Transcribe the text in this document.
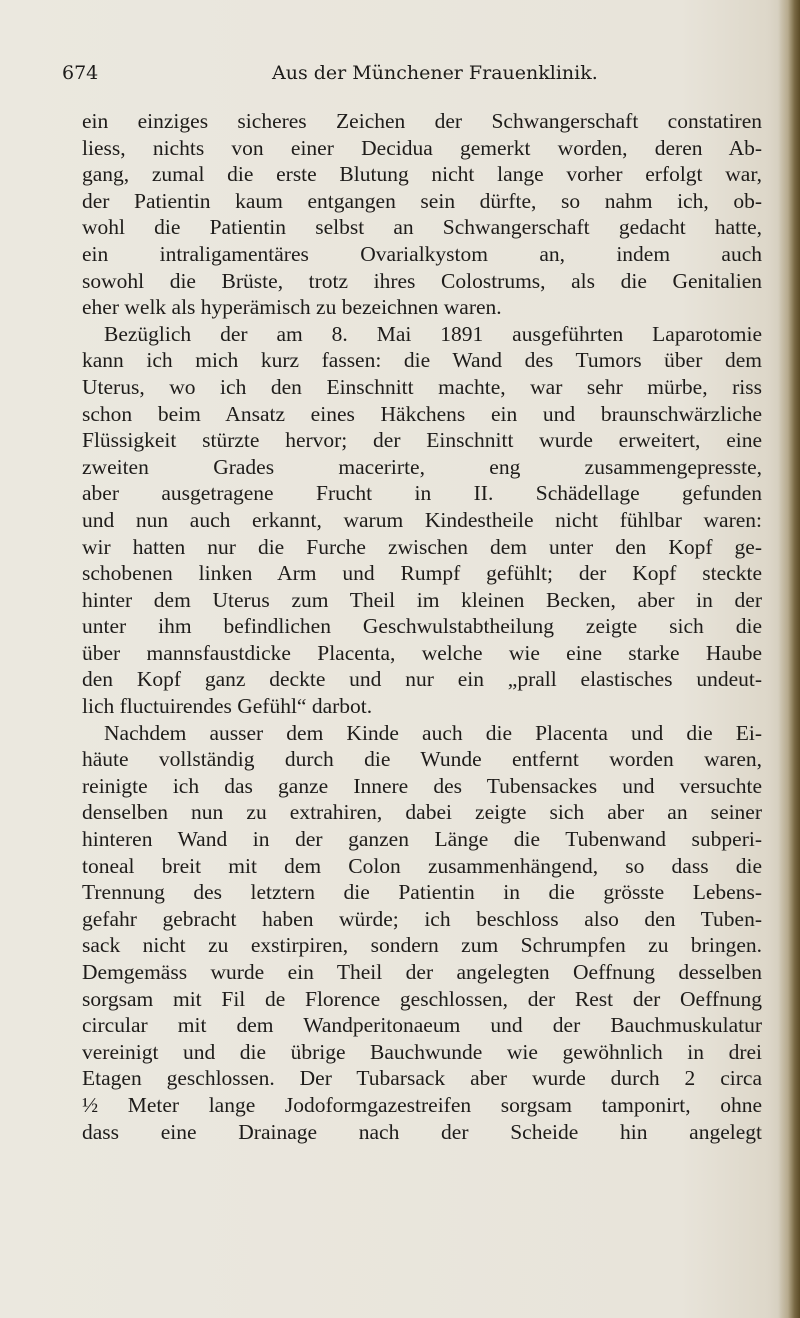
674	Aus der Münchener Frauenklinik.
ein einziges sicheres Zeichen der Schwangerschaft constatiren
liess, nichts von einer Decidua gemerkt worden, deren Ab-
gang, zumal die erste Blutung nicht lange vorher erfolgt war,
der Patientin kaum entgangen sein dürfte, so nahm ich, ob-
wohl die Patientin selbst an Schwangerschaft gedacht hatte,
ein intraligamentäres Ovarialkystom an, indem auch
sowohl die Brüste, trotz ihres Colostrums, als die Genitalien
eher welk als hyperämisch zu bezeichnen waren.
Bezüglich der am 8. Mai 1891 ausgeführten Laparotomie
kann ich mich kurz fassen: die Wand des Tumors über dem
Uterus, wo ich den Einschnitt machte, war sehr mürbe, riss
schon beim Ansatz eines Häkchens ein und braunschwärzliche
Flüssigkeit stürzte hervor; der Einschnitt wurde erweitert, eine
zweiten Grades macerirte, eng zusammengepresste,
aber ausgetragene Frucht in II. Schädellage gefunden
und nun auch erkannt, warum Kindestheile nicht fühlbar waren:
wir hatten nur die Furche zwischen dem unter den Kopf ge-
schobenen linken Arm und Rumpf gefühlt; der Kopf steckte
hinter dem Uterus zum Theil im kleinen Becken, aber in der
unter ihm befindlichen Geschwulstabtheilung zeigte sich die
über mannsfaustdicke Placenta, welche wie eine starke Haube
den Kopf ganz deckte und nur ein „prall elastisches undeut-
lich fluctuirendes Gefühl“ darbot.
Nachdem ausser dem Kinde auch die Placenta und die Ei-
häute vollständig durch die Wunde entfernt worden waren,
reinigte ich das ganze Innere des Tubensackes und versuchte
denselben nun zu extrahiren, dabei zeigte sich aber an seiner
hinteren Wand in der ganzen Länge die Tubenwand subperi-
toneal breit mit dem Colon zusammenhängend, so dass die
Trennung des letztern die Patientin in die grösste Lebens-
gefahr gebracht haben würde; ich beschloss also den Tuben-
sack nicht zu exstirpiren, sondern zum Schrumpfen zu bringen.
Demgemäss wurde ein Theil der angelegten Oeffnung desselben
sorgsam mit Fil de Florence geschlossen, der Rest der Oeffnung
circular mit dem Wandperitonaeum und der Bauchmuskulatur
vereinigt und die übrige Bauchwunde wie gewöhnlich in drei
Etagen geschlossen. Der Tubarsack aber wurde durch 2 circa
½ Meter lange Jodoformgazestreifen sorgsam tamponirt, ohne
dass eine Drainage nach der Scheide hin angelegt
